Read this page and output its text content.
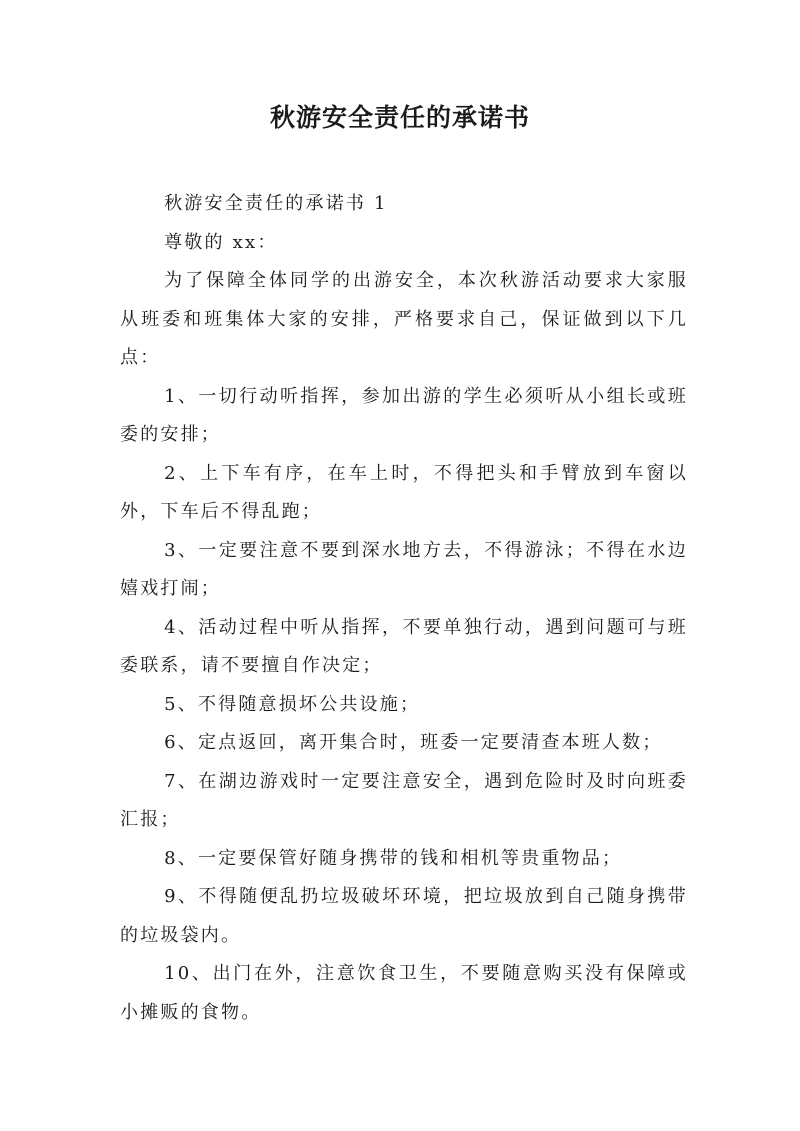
秋游安全责任的承诺书

秋游安全责任的承诺书 1

尊敬的 xx：

为了保障全体同学的出游安全，本次秋游活动要求大家服从班委和班集体大家的安排，严格要求自己，保证做到以下几点：

1、一切行动听指挥，参加出游的学生必须听从小组长或班委的安排；
2、上下车有序，在车上时，不得把头和手臂放到车窗以外，下车后不得乱跑；
3、一定要注意不要到深水地方去，不得游泳；不得在水边嬉戏打闹；
4、活动过程中听从指挥，不要单独行动，遇到问题可与班委联系，请不要擅自作决定；
5、不得随意损坏公共设施；
6、定点返回，离开集合时，班委一定要清查本班人数；
7、在湖边游戏时一定要注意安全，遇到危险时及时向班委汇报；
8、一定要保管好随身携带的钱和相机等贵重物品；
9、不得随便乱扔垃圾破坏环境，把垃圾放到自己随身携带的垃圾袋内。
10、出门在外，注意饮食卫生，不要随意购买没有保障或小摊贩的食物。
